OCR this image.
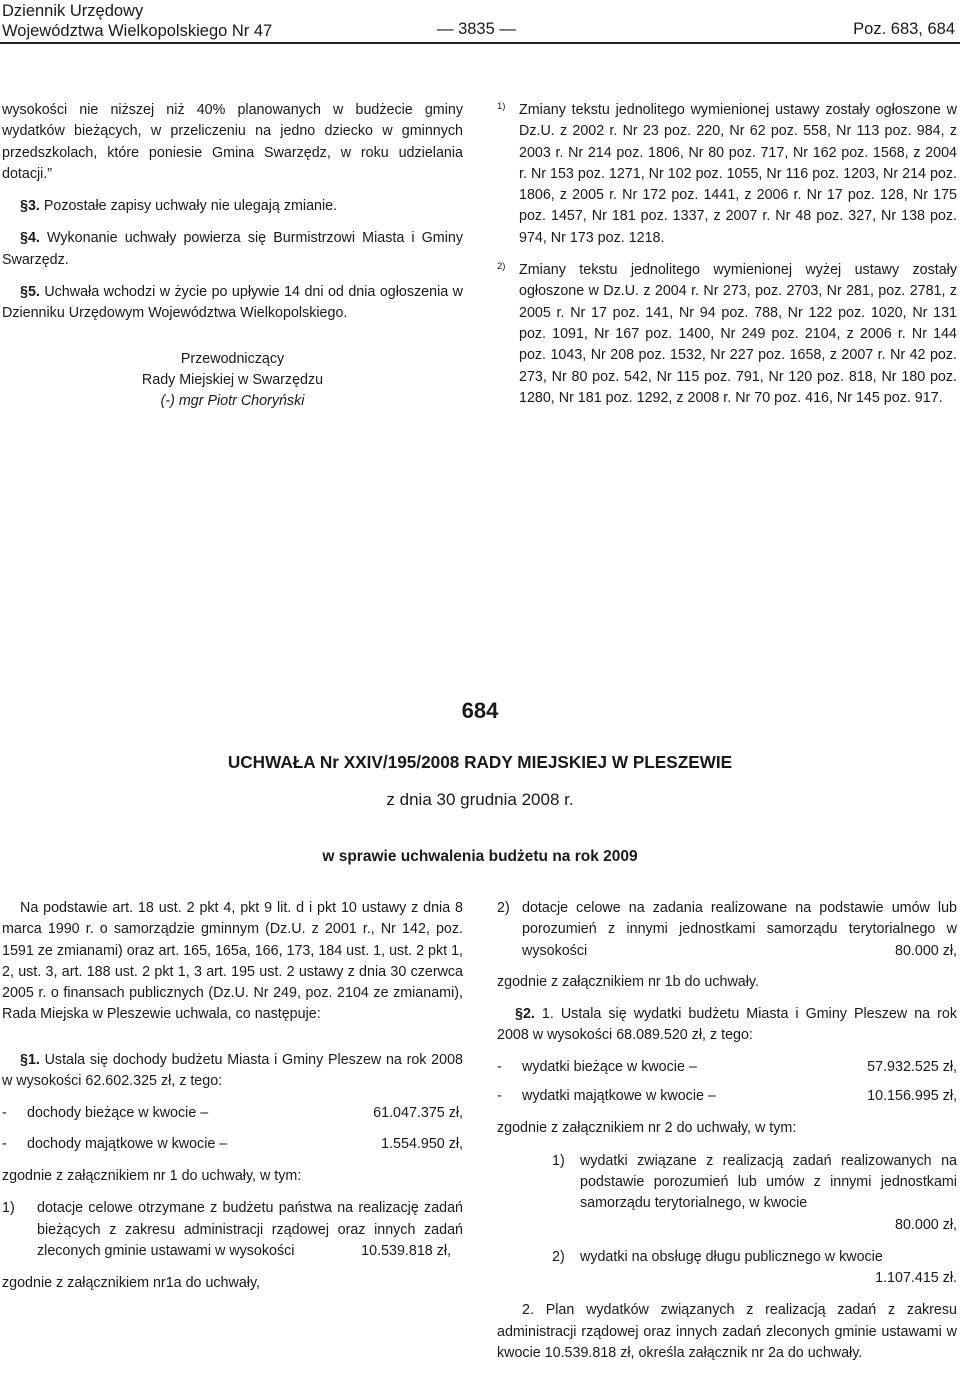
Dziennik Urzędowy
Województwa Wielkopolskiego Nr 47	— 3835 —	Poz. 683, 684

wysokości nie niższej niż 40% planowanych w budżecie gminy wydatków bieżących, w przeliczeniu na jedno dziecko w gminnych przedszkolach, które poniesie Gmina Swarzędz, w roku udzielania dotacji.”

§3. Pozostałe zapisy uchwały nie ulegają zmianie.

§4. Wykonanie uchwały powierza się Burmistrzowi Miasta i Gminy Swarzędz.

§5. Uchwała wchodzi w życie po upływie 14 dni od dnia ogłoszenia w Dzienniku Urzędowym Województwa Wielkopolskiego.

Przewodniczący
Rady Miejskiej w Swarzędzu
(-) mgr Piotr Choryński
1) Zmiany tekstu jednolitego wymienionej ustawy zostały ogłoszone w Dz.U. z 2002 r. Nr 23 poz. 220, Nr 62 poz. 558, Nr 113 poz. 984, z 2003 r. Nr 214 poz. 1806, Nr 80 poz. 717, Nr 162 poz. 1568, z 2004 r. Nr 153 poz. 1271, Nr 102 poz. 1055, Nr 116 poz. 1203, Nr 214 poz. 1806, z 2005 r. Nr 172 poz. 1441, z 2006 r. Nr 17 poz. 128, Nr 175 poz. 1457, Nr 181 poz. 1337, z 2007 r. Nr 48 poz. 327, Nr 138 poz. 974, Nr 173 poz. 1218.
2) Zmiany tekstu jednolitego wymienionej wyżej ustawy zostały ogłoszone w Dz.U. z 2004 r. Nr 273, poz. 2703, Nr 281, poz. 2781, z 2005 r. Nr 17 poz. 141, Nr 94 poz. 788, Nr 122 poz. 1020, Nr 131 poz. 1091, Nr 167 poz. 1400, Nr 249 poz. 2104, z 2006 r. Nr 144 poz. 1043, Nr 208 poz. 1532, Nr 227 poz. 1658, z 2007 r. Nr 42 poz. 273, Nr 80 poz. 542, Nr 115 poz. 791, Nr 120 poz. 818, Nr 180 poz. 1280, Nr 181 poz. 1292, z 2008 r. Nr 70 poz. 416, Nr 145 poz. 917.
684
UCHWAŁA Nr XXIV/195/2008 RADY MIEJSKIEJ W PLESZEWIE
z dnia 30 grudnia 2008 r.
w sprawie uchwalenia budżetu na rok 2009

Na podstawie art. 18 ust. 2 pkt 4, pkt 9 lit. d i pkt 10 ustawy z dnia 8 marca 1990 r. o samorządzie gminnym (Dz.U. z 2001 r., Nr 142, poz. 1591 ze zmianami) oraz art. 165, 165a, 166, 173, 184 ust. 1, ust. 2 pkt 1, 2, ust. 3, art. 188 ust. 2 pkt 1, 3 art. 195 ust. 2 ustawy z dnia 30 czerwca 2005 r. o finansach publicznych (Dz.U. Nr 249, poz. 2104 ze zmianami), Rada Miejska w Pleszewie uchwala, co następuje:

§1. Ustala się dochody budżetu Miasta i Gminy Pleszew na rok 2008 w wysokości 62.602.325 zł, z tego:

-	dochody bieżące w kwocie –	61.047.375 zł,
-	dochody majątkowe w kwocie –	1.554.950 zł,

zgodnie z załącznikiem nr 1 do uchwały, w tym:

1)	dotacje celowe otrzymane z budżetu państwa na realizację zadań bieżących z zakresu administracji rządowej oraz innych zadań zleconych gminie ustawami w wysokości	10.539.818 zł,

zgodnie z załącznikiem nr1a do uchwały,

2) dotacje celowe na zadania realizowane na podstawie umów lub porozumień z innymi jednostkami samorządu terytorialnego w wysokości	80.000 zł,

zgodnie z załącznikiem nr 1b do uchwały.

§2. 1. Ustala się wydatki budżetu Miasta i Gminy Pleszew na rok 2008 w wysokości 68.089.520 zł, z tego:

-	wydatki bieżące w kwocie –	57.932.525 zł,
-	wydatki majątkowe w kwocie –	10.156.995 zł,

zgodnie z załącznikiem nr 2 do uchwały, w tym:

1)	wydatki związane z realizacją zadań realizowanych na podstawie porozumień lub umów z innymi jednostkami samorządu terytorialnego, w kwocie
80.000 zł,
2)	wydatki na obsługę długu publicznego w kwocie
1.107.415 zł.

2. Plan wydatków związanych z realizacją zadań z zakresu administracji rządowej oraz innych zadań zleconych gminie ustawami w kwocie 10.539.818 zł, określa załącznik nr 2a do uchwały.
